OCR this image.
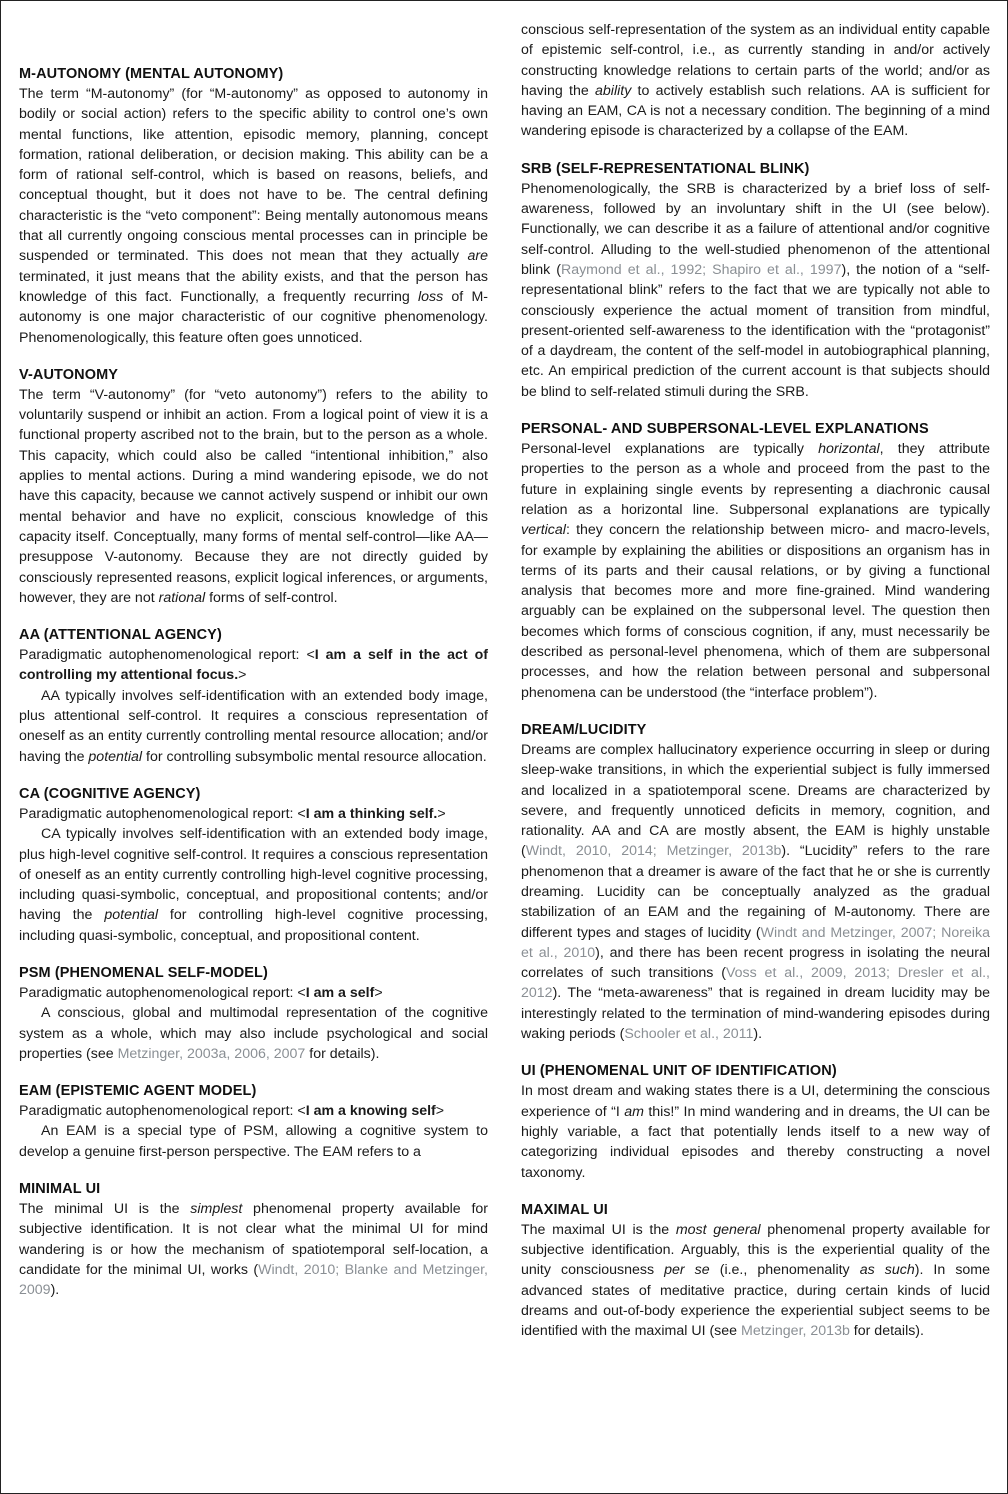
M-AUTONOMY (MENTAL AUTONOMY)

The term “M-autonomy” (for “M-autonomy” as opposed to autonomy in bodily or social action) refers to the specific ability to control one’s own mental functions, like attention, episodic memory, planning, concept formation, rational deliberation, or decision making. This ability can be a form of rational self-control, which is based on reasons, beliefs, and conceptual thought, but it does not have to be. The central defining characteristic is the “veto component”: Being mentally autonomous means that all currently ongoing conscious mental processes can in principle be suspended or terminated. This does not mean that they actually are terminated, it just means that the ability exists, and that the person has knowledge of this fact. Functionally, a frequently recurring loss of M-autonomy is one major characteristic of our cognitive phenomenology. Phenomenologically, this feature often goes unnoticed.

V-AUTONOMY

The term “V-autonomy” (for “veto autonomy”) refers to the ability to voluntarily suspend or inhibit an action. From a logical point of view it is a functional property ascribed not to the brain, but to the person as a whole. This capacity, which could also be called “intentional inhibition,” also applies to mental actions. During a mind wandering episode, we do not have this capacity, because we cannot actively suspend or inhibit our own mental behavior and have no explicit, conscious knowledge of this capacity itself. Conceptually, many forms of mental self-control—like AA—presuppose V-autonomy. Because they are not directly guided by consciously represented reasons, explicit logical inferences, or arguments, however, they are not rational forms of self-control.

AA (ATTENTIONAL AGENCY)

Paradigmatic autophenomenological report: <I am a self in the act of controlling my attentional focus.>

AA typically involves self-identification with an extended body image, plus attentional self-control. It requires a conscious representation of oneself as an entity currently controlling mental resource allocation; and/or having the potential for controlling subsymbolic mental resource allocation.

CA (COGNITIVE AGENCY)

Paradigmatic autophenomenological report: <I am a thinking self.>

CA typically involves self-identification with an extended body image, plus high-level cognitive self-control. It requires a conscious representation of oneself as an entity currently controlling high-level cognitive processing, including quasi-symbolic, conceptual, and propositional contents; and/or having the potential for controlling high-level cognitive processing, including quasi-symbolic, conceptual, and propositional content.

PSM (PHENOMENAL SELF-MODEL)

Paradigmatic autophenomenological report: <I am a self>

A conscious, global and multimodal representation of the cognitive system as a whole, which may also include psychological and social properties (see Metzinger, 2003a, 2006, 2007 for details).

EAM (EPISTEMIC AGENT MODEL)

Paradigmatic autophenomenological report: <I am a knowing self>

An EAM is a special type of PSM, allowing a cognitive system to develop a genuine first-person perspective. The EAM refers to a

MINIMAL UI

The minimal UI is the simplest phenomenal property available for subjective identification. It is not clear what the minimal UI for mind wandering is or how the mechanism of spatiotemporal self-location, a candidate for the minimal UI, works (Windt, 2010; Blanke and Metzinger, 2009).

conscious self-representation of the system as an individual entity capable of epistemic self-control, i.e., as currently standing in and/or actively constructing knowledge relations to certain parts of the world; and/or as having the ability to actively establish such relations. AA is sufficient for having an EAM, CA is not a necessary condition. The beginning of a mind wandering episode is characterized by a collapse of the EAM.

SRB (SELF-REPRESENTATIONAL BLINK)

Phenomenologically, the SRB is characterized by a brief loss of self-awareness, followed by an involuntary shift in the UI (see below). Functionally, we can describe it as a failure of attentional and/or cognitive self-control. Alluding to the well-studied phenomenon of the attentional blink (Raymond et al., 1992; Shapiro et al., 1997), the notion of a “self-representational blink” refers to the fact that we are typically not able to consciously experience the actual moment of transition from mindful, present-oriented self-awareness to the identification with the “protagonist” of a daydream, the content of the self-model in autobiographical planning, etc. An empirical prediction of the current account is that subjects should be blind to self-related stimuli during the SRB.

PERSONAL- AND SUBPERSONAL-LEVEL EXPLANATIONS

Personal-level explanations are typically horizontal, they attribute properties to the person as a whole and proceed from the past to the future in explaining single events by representing a diachronic causal relation as a horizontal line. Subpersonal explanations are typically vertical: they concern the relationship between micro- and macro-levels, for example by explaining the abilities or dispositions an organism has in terms of its parts and their causal relations, or by giving a functional analysis that becomes more and more fine-grained. Mind wandering arguably can be explained on the subpersonal level. The question then becomes which forms of conscious cognition, if any, must necessarily be described as personal-level phenomena, which of them are subpersonal processes, and how the relation between personal and subpersonal phenomena can be understood (the “interface problem”).

DREAM/LUCIDITY

Dreams are complex hallucinatory experience occurring in sleep or during sleep-wake transitions, in which the experiential subject is fully immersed and localized in a spatiotemporal scene. Dreams are characterized by severe, and frequently unnoticed deficits in memory, cognition, and rationality. AA and CA are mostly absent, the EAM is highly unstable (Windt, 2010, 2014; Metzinger, 2013b). “Lucidity” refers to the rare phenomenon that a dreamer is aware of the fact that he or she is currently dreaming. Lucidity can be conceptually analyzed as the gradual stabilization of an EAM and the regaining of M-autonomy. There are different types and stages of lucidity (Windt and Metzinger, 2007; Noreika et al., 2010), and there has been recent progress in isolating the neural correlates of such transitions (Voss et al., 2009, 2013; Dresler et al., 2012). The “meta-awareness” that is regained in dream lucidity may be interestingly related to the termination of mind-wandering episodes during waking periods (Schooler et al., 2011).

UI (PHENOMENAL UNIT OF IDENTIFICATION)

In most dream and waking states there is a UI, determining the conscious experience of “I am this!” In mind wandering and in dreams, the UI can be highly variable, a fact that potentially lends itself to a new way of categorizing individual episodes and thereby constructing a novel taxonomy.

MAXIMAL UI

The maximal UI is the most general phenomenal property available for subjective identification. Arguably, this is the experiential quality of the unity consciousness per se (i.e., phenomenality as such). In some advanced states of meditative practice, during certain kinds of lucid dreams and out-of-body experience the experiential subject seems to be identified with the maximal UI (see Metzinger, 2013b for details).
